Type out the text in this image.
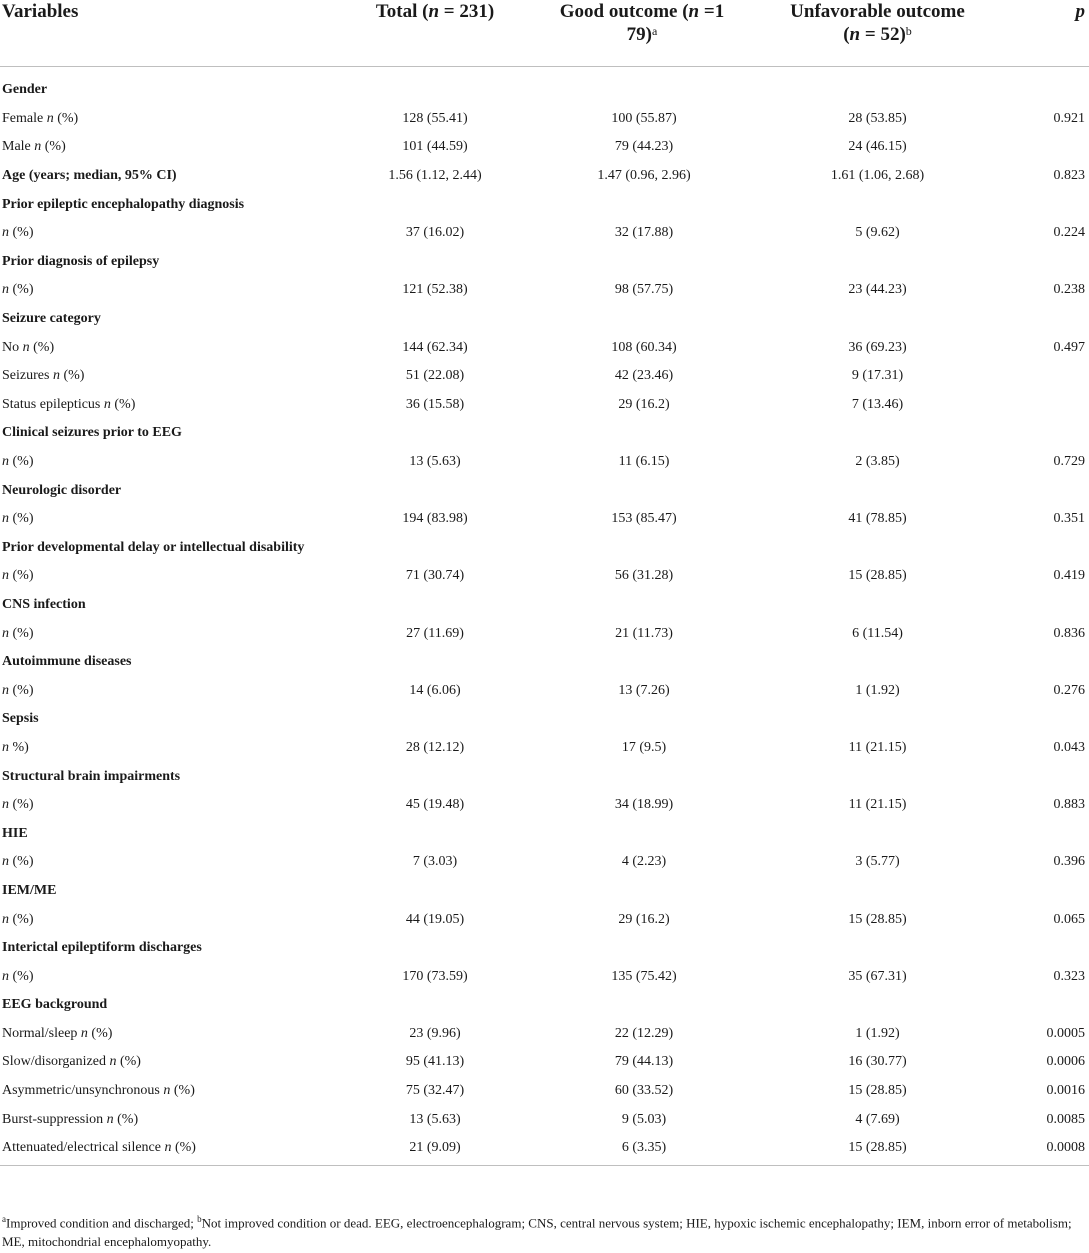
Variables	Total (n = 231)	Good outcome (n =1
79)$^a$	Unfavorable outcome
(n = 52)$^b$	p
Gender				
Female n (%)	128 (55.41)	100 (55.87)	28 (53.85)	0.921
Male n (%)	101 (44.59)	79 (44.23)	24 (46.15)	
Age (years; median, 95% CI)	1.56 (1.12, 2.44)	1.47 (0.96, 2.96)	1.61 (1.06, 2.68)	0.823
Prior epileptic encephalopathy diagnosis				
n (%)	37 (16.02)	32 (17.88)	5 (9.62)	0.224
Prior diagnosis of epilepsy				
n (%)	121 (52.38)	98 (57.75)	23 (44.23)	0.238
Seizure category				
No n (%)	144 (62.34)	108 (60.34)	36 (69.23)	0.497
Seizures n (%)	51 (22.08)	42 (23.46)	9 (17.31)	
Status epilepticus n (%)	36 (15.58)	29 (16.2)	7 (13.46)	
Clinical seizures prior to EEG				
n (%)	13 (5.63)	11 (6.15)	2 (3.85)	0.729
Neurologic disorder				
n (%)	194 (83.98)	153 (85.47)	41 (78.85)	0.351
Prior developmental delay or intellectual disability				
n (%)	71 (30.74)	56 (31.28)	15 (28.85)	0.419
CNS infection				
n (%)	27 (11.69)	21 (11.73)	6 (11.54)	0.836
Autoimmune diseases				
n (%)	14 (6.06)	13 (7.26)	1 (1.92)	0.276
Sepsis				
n %)	28 (12.12)	17 (9.5)	11 (21.15)	0.043
Structural brain impairments				
n (%)	45 (19.48)	34 (18.99)	11 (21.15)	0.883
HIE				
n (%)	7 (3.03)	4 (2.23)	3 (5.77)	0.396
IEM/ME				
n (%)	44 (19.05)	29 (16.2)	15 (28.85)	0.065
Interictal epileptiform discharges				
n (%)	170 (73.59)	135 (75.42)	35 (67.31)	0.323
EEG background				
Normal/sleep n (%)	23 (9.96)	22 (12.29)	1 (1.92)	0.0005
Slow/disorganized n (%)	95 (41.13)	79 (44.13)	16 (30.77)	0.0006
Asymmetric/unsynchronous n (%)	75 (32.47)	60 (33.52)	15 (28.85)	0.0016
Burst-suppression n (%)	13 (5.63)	9 (5.03)	4 (7.69)	0.0085
Attenuated/electrical silence n (%)	21 (9.09)	6 (3.35)	15 (28.85)	0.0008
$^a$Improved condition and discharged; $^b$Not improved condition or dead. EEG, electroencephalogram; CNS, central nervous system; HIE, hypoxic ischemic encephalopathy; IEM, inborn error of metabolism; ME, mitochondrial encephalomyopathy.
